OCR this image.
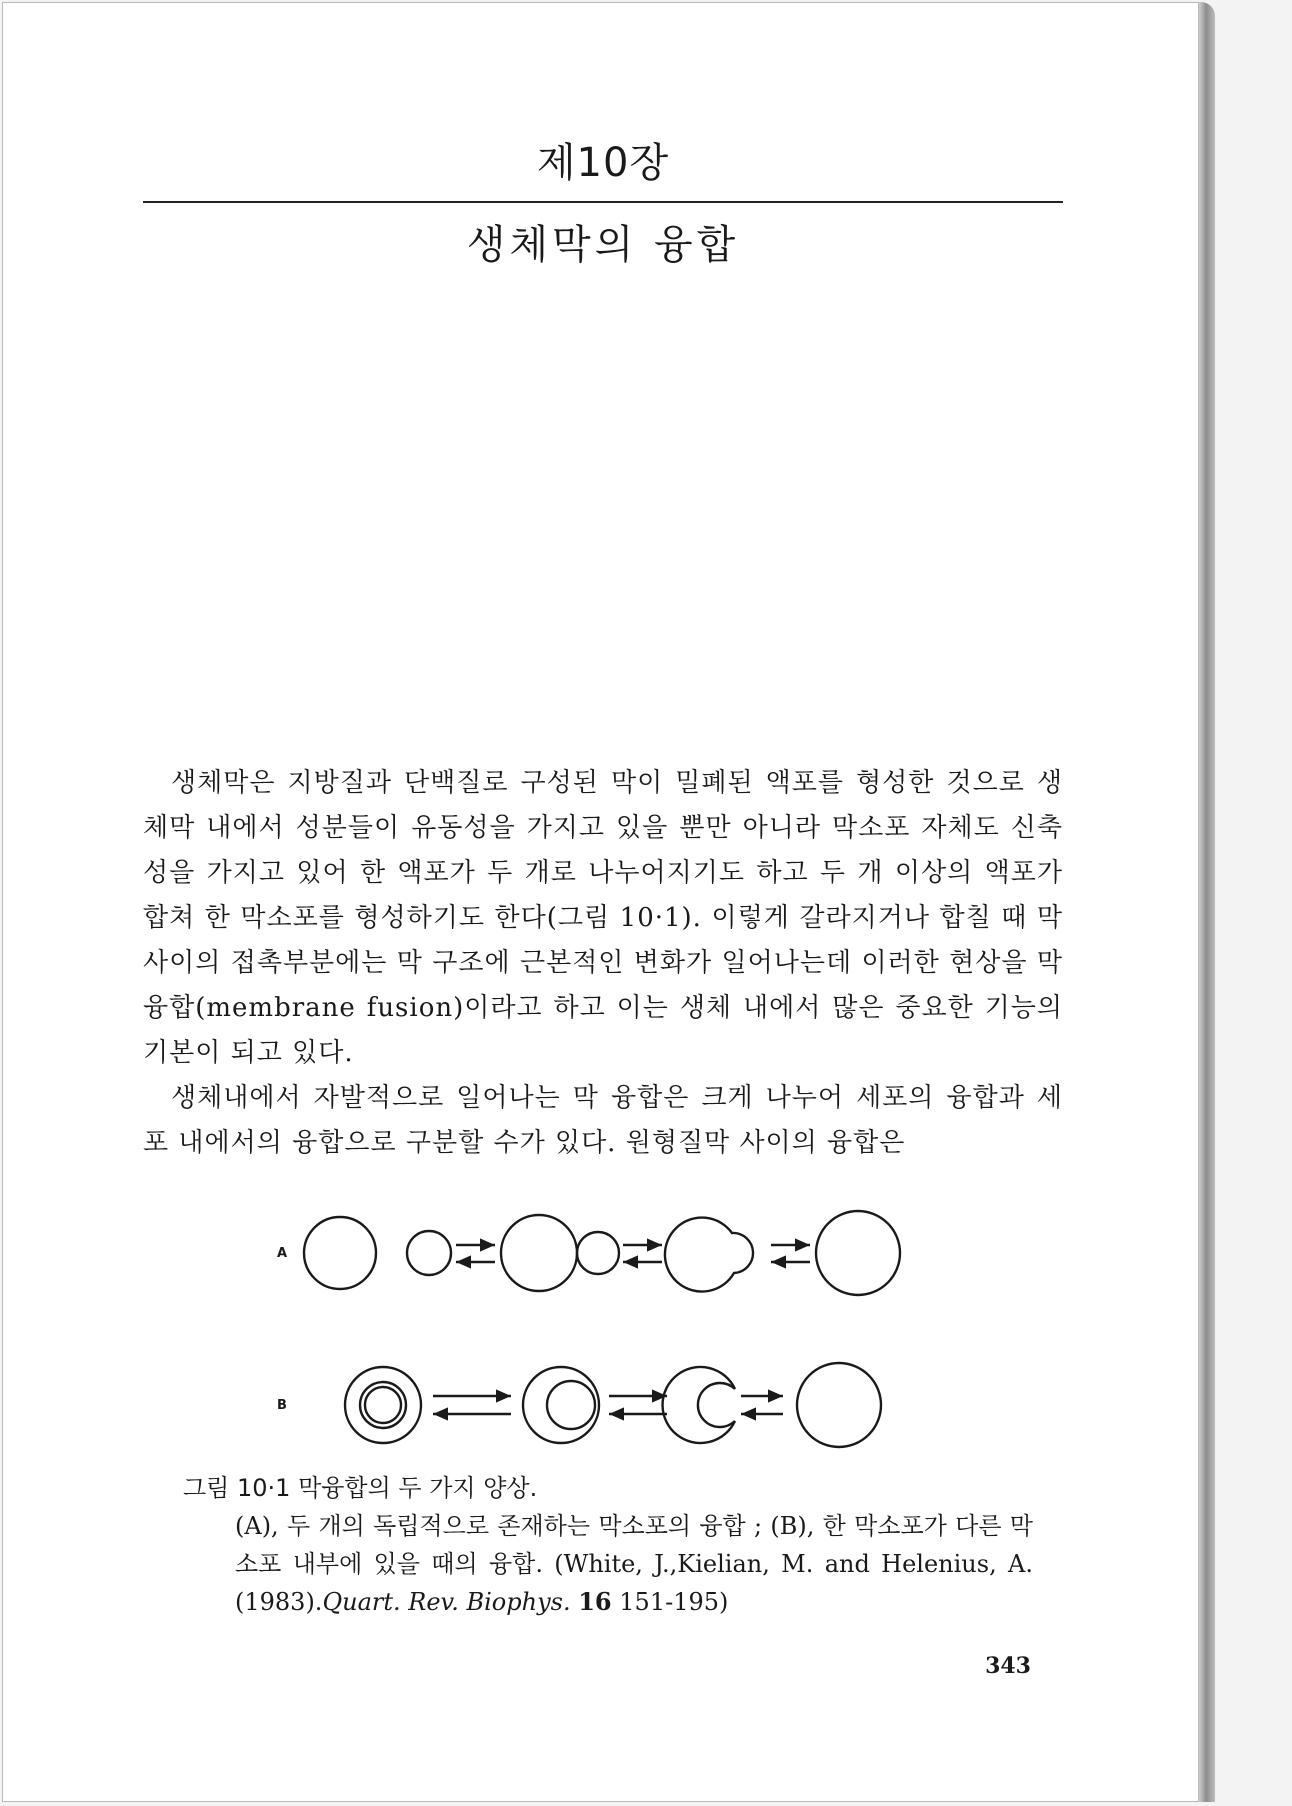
제10장
생체막의 융합

생체막은 지방질과 단백질로 구성된 막이 밀폐된 액포를 형성한 것으로 생체막 내에서 성분들이 유동성을 가지고 있을 뿐만 아니라 막소포 자체도 신축성을 가지고 있어 한 액포가 두 개로 나누어지기도 하고 두 개 이상의 액포가 합쳐 한 막소포를 형성하기도 한다(그림 10·1). 이렇게 갈라지거나 합칠 때 막 사이의 접촉부분에는 막 구조에 근본적인 변화가 일어나는데 이러한 현상을 막 융합(membrane fusion)이라고 하고 이는 생체 내에서 많은 중요한 기능의 기본이 되고 있다.

생체내에서 자발적으로 일어나는 막 융합은 크게 나누어 세포의 융합과 세포 내에서의 융합으로 구분할 수가 있다. 원형질막 사이의 융합은

A
B
그림 10·1 막융합의 두 가지 양상.
(A), 두 개의 독립적으로 존재하는 막소포의 융합 ; (B), 한 막소포가 다른 막소포 내부에 있을 때의 융합. (White, J.,Kielian, M. and Helenius, A.(1983).Quart. Rev. Biophys. 16 151-195)
343
